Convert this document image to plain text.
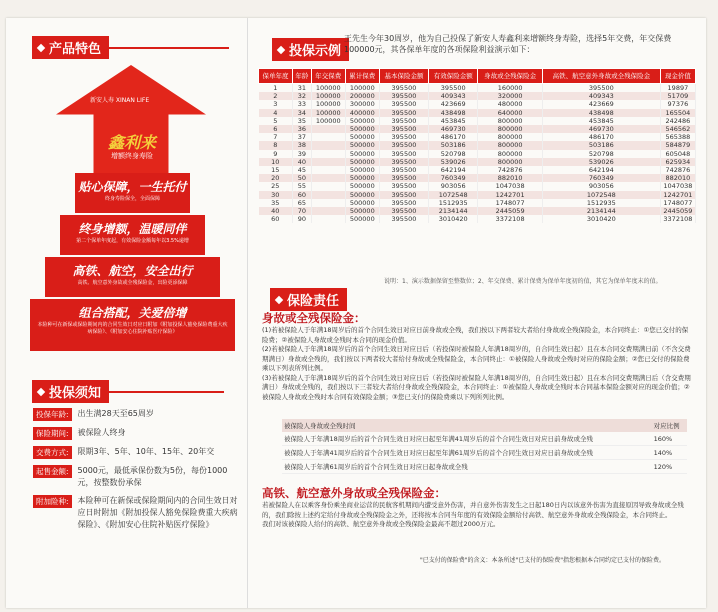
产品特色
新安人寿 XINAN LIFE
鑫利来
增额终身寿险
贴心保障，一生托付
终身寿险保全，全面保障
终身增额，温暖同伴
第二个保单年度起，有效保险金额每年以3.5%递增
高铁、航空，安全出行
高铁、航空意外身故或全残保险金，出险更添保障
组合搭配，关爱倍增
本险种可在新保或保险期间内的合同生效日对应日附加《附加投保人豁免保险费重大疾病保险》、《附加安心住院补贴医疗保险》
投保须知
投保年龄:	出生满28天至65周岁
保险期间:	被保险人终身
交费方式:	限期3年、5年、10年、15年、20年交
起售金额:	5000元，最低承保份数为5份，每份1000元，按整数份承保
附加险种:	本险种可在新保或保险期间内的合同生效日对应日时附加《附加投保人豁免保险费重大疾病保险》、《附加安心住院补贴医疗保险》
投保示例
王先生今年30周岁，他为自己投保了新安人寿鑫利来增额终身寿险，选择5年交费，年交保费100000元，其各保单年度的各项保险利益演示如下：
保单年度	年龄	年交保费	累计保费	基本保险金额	有效保险金额	身故或全残保险金	高铁、航空意外身故或全残保险金	现金价值
1	31	100000	100000	395500	395500	160000	395500	19897
2	32	100000	200000	395500	409343	320000	409343	51709
3	33	100000	300000	395500	423669	480000	423669	97376
4	34	100000	400000	395500	438498	640000	438498	165504
5	35	100000	500000	395500	453845	800000	453845	242486
6	36		500000	395500	469730	800000	469730	546562
7	37		500000	395500	486170	800000	486170	565388
8	38		500000	395500	503186	800000	503186	584879
9	39		500000	395500	520798	800000	520798	605048
10	40		500000	395500	539026	800000	539026	625934
15	45		500000	395500	642194	742876	642194	742876
20	50		500000	395500	760349	882010	760349	882010
25	55		500000	395500	903056	1047038	903056	1047038
30	60		500000	395500	1072548	1242701	1072548	1242701
35	65		500000	395500	1512935	1748077	1512935	1748077
40	70		500000	395500	2134144	2445059	2134144	2445059
60	90		500000	395500	3010420	3372108	3010420	3372108
说明：1、演示数据保留至整数位；2、年交保费、累计保费为保单年度初的值，其它为保单年度末的值。
保险责任
身故或全残保险金：
(1)若被保险人于年满18周岁后的首个合同生效日对应日前身故或全残，我们按以下两者较大者给付身故或全残保险金，本合同终止：①您已交付的保险费；②被保险人身故或全残时本合同的现金价值。
(2)若被保险人于年满18周岁后的首个合同生效日对应日后（若投保时被保险人年满18周岁的，自合同生效日起）且在本合同交费期满日前（不含交费期满日）身故或全残的，我们按以下两者较大者给付身故或全残保险金，本合同终止：①被保险人身故或全残时对应的保险金额；②您已交付的保险费乘以下列表所列比例。
(3)若被保险人于年满18周岁后的首个合同生效日对应日后（若投保时被保险人年满18周岁的，自合同生效日起）且在本合同交费期满日后（含交费期满日）身故或全残的，我们按以下三者较大者给付身故或全残保险金，本合同终止：①被保险人身故或全残时本合同基本保险金额对应的现金价值；②被保险人身故或全残时本合同有效保险金额；③您已支付的保险费乘以下列所列比例。
被保险人身故或全残时间	对应比例
被保险人于年满18周岁后的首个合同生效日对应日起至年满41周岁后的首个合同生效日对应日前身故或全残	160%
被保险人于年满41周岁后的首个合同生效日对应日起至年满61周岁后的首个合同生效日对应日前身故或全残	140%
被保险人于年满61周岁后的首个合同生效日对应日起身故或全残	120%
高铁、航空意外身故或全残保险金：
若被保险人在以乘客身份乘坐商业运营的民航客机期间内遭受意外伤害，并自意外伤害发生之日起180日内以该意外伤害为直接原因导致身故或全残的，我们除按上述约定给付身故或全残保险金之外，还将按本合同当年度的有效保险金额给付高铁、航空意外身故或全残保险金，本合同终止。
我们对该被保险人给付的高铁、航空意外身故或全残保险金最高不超过2000万元。
"已支付的保险费"的含义：本条所述"已支付的保险费"指您根据本合同约定已支付的保险费。
